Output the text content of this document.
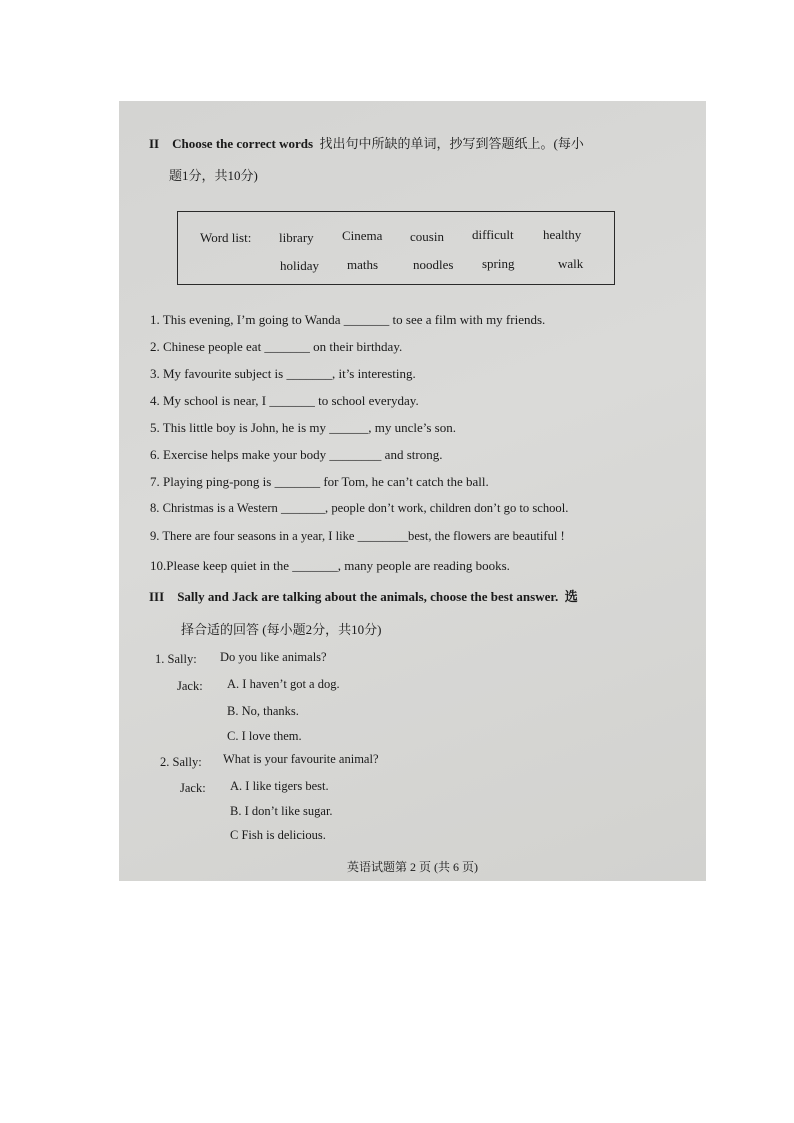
II Choose the correct words 找出句中所缺的单词，抄写到答题纸上。(每小
题1分，共10分)
Word list: library Cinema cousin difficult healthy
holiday maths	noodles spring	walk
1. This evening, I’m going to Wanda _______ to see a film with my friends.
2. Chinese people eat _______ on their birthday.
3. My favourite subject is _______, it’s interesting.
4. My school is near, I _______ to school everyday.
5. This little boy is John, he is my ______, my uncle’s son.
6. Exercise helps make your body ________ and strong.
7. Playing ping-pong is _______ for Tom, he can’t catch the ball.
8. Christmas is a Western _______, people don’t work, children don’t go to school.
9. There are four seasons in a year, I like ________best, the flowers are beautiful !
10.Please keep quiet in the _______, many people are reading books.
III Sally and Jack are talking about the animals, choose the best answer. 选
择合适的回答 (每小题2分，共10分)
1. Sally: Do you like animals?
Jack: A. I haven’t got a dog.
B. No, thanks.
C. I love them.
2. Sally: What is your favourite animal?
Jack: A. I like tigers best.
B. I don’t like sugar.
C Fish is delicious.
英语试题第 2 页 (共 6 页)
